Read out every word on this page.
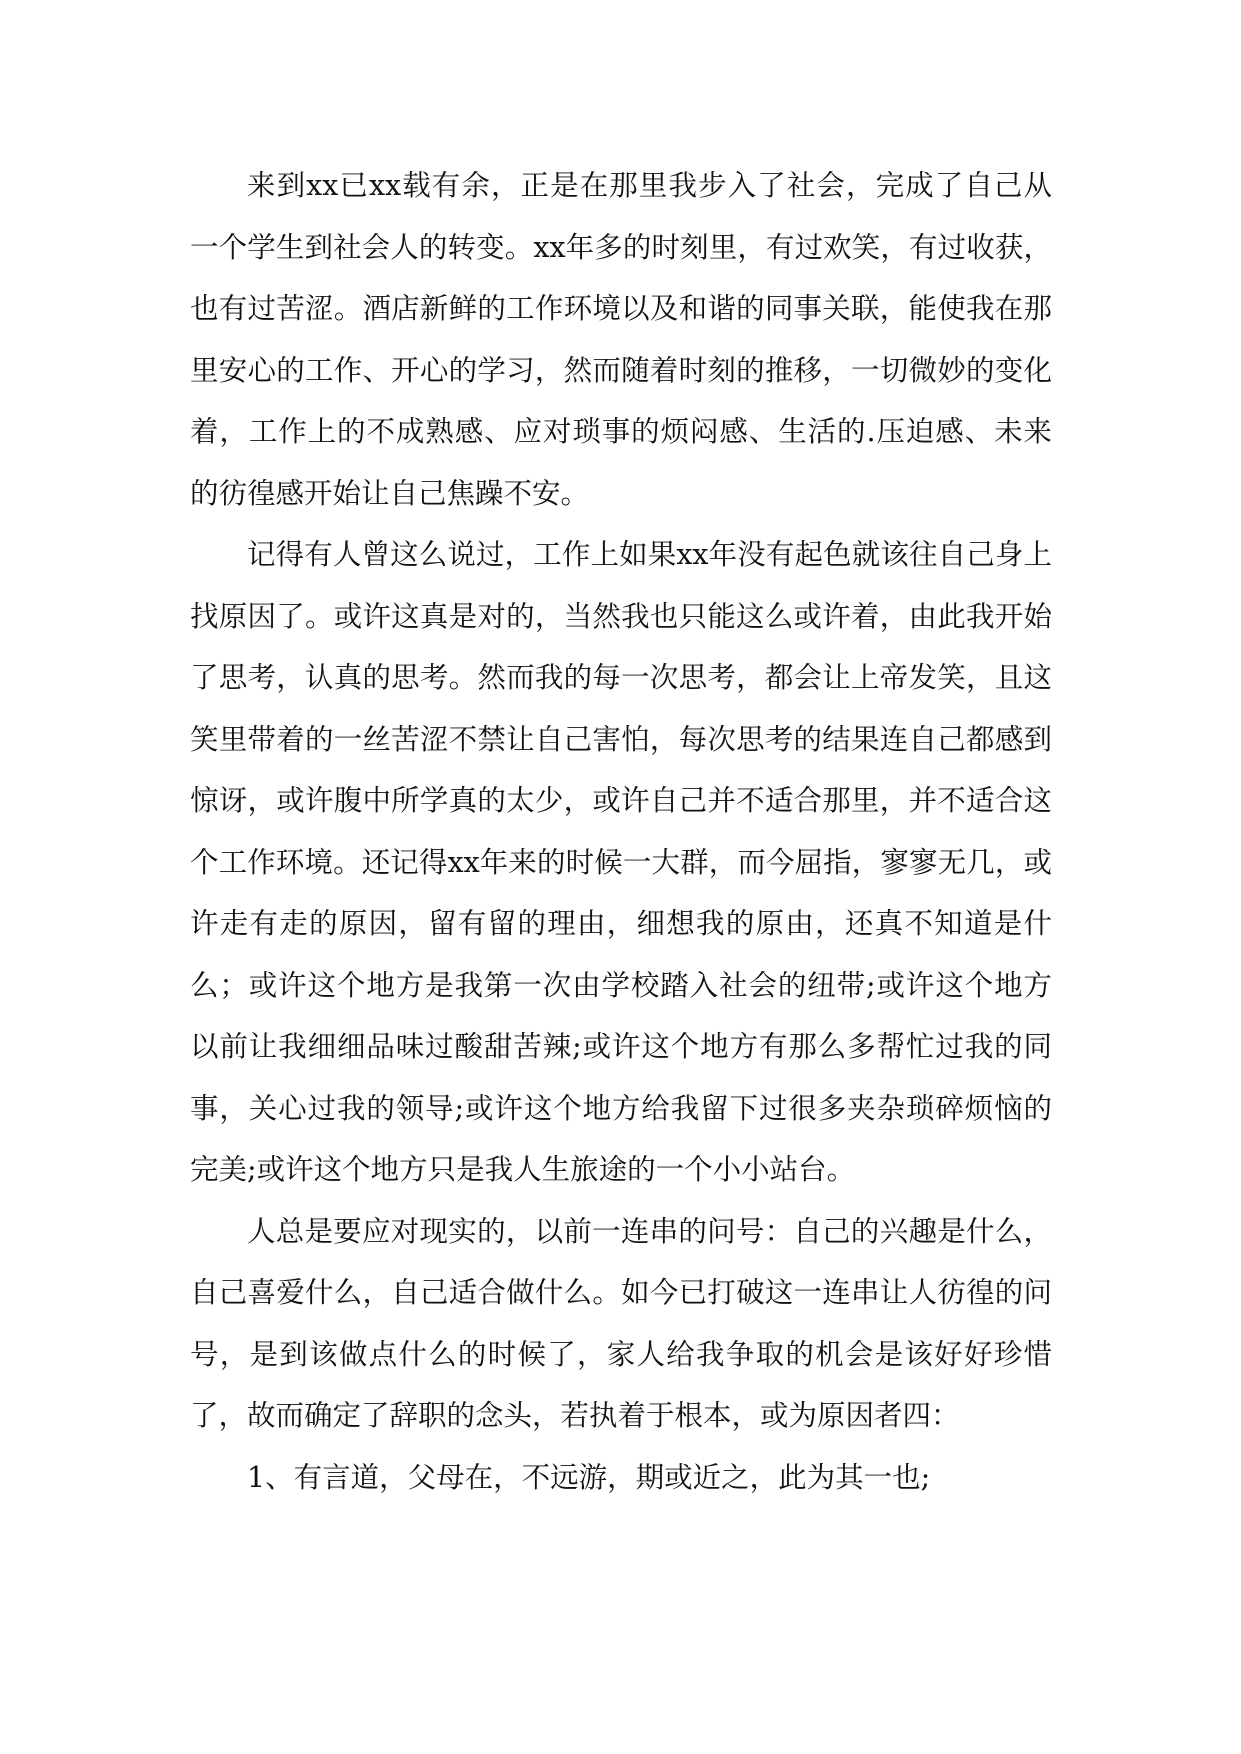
来到xx已xx载有余，正是在那里我步入了社会，完成了自己从一个学生到社会人的转变。xx年多的时刻里，有过欢笑，有过收获，也有过苦涩。酒店新鲜的工作环境以及和谐的同事关联，能使我在那里安心的工作、开心的学习，然而随着时刻的推移，一切微妙的变化着，工作上的不成熟感、应对琐事的烦闷感、生活的.压迫感、未来的彷徨感开始让自己焦躁不安。

记得有人曾这么说过，工作上如果xx年没有起色就该往自己身上找原因了。或许这真是对的，当然我也只能这么或许着，由此我开始了思考，认真的思考。然而我的每一次思考，都会让上帝发笑，且这笑里带着的一丝苦涩不禁让自己害怕，每次思考的结果连自己都感到惊讶，或许腹中所学真的太少，或许自己并不适合那里，并不适合这个工作环境。还记得xx年来的时候一大群，而今屈指，寥寥无几，或许走有走的原因，留有留的理由，细想我的原由，还真不知道是什么；或许这个地方是我第一次由学校踏入社会的纽带;或许这个地方以前让我细细品味过酸甜苦辣;或许这个地方有那么多帮忙过我的同事，关心过我的领导;或许这个地方给我留下过很多夹杂琐碎烦恼的完美;或许这个地方只是我人生旅途的一个小小站台。

人总是要应对现实的，以前一连串的问号：自己的兴趣是什么，自己喜爱什么，自己适合做什么。如今已打破这一连串让人彷徨的问号，是到该做点什么的时候了，家人给我争取的机会是该好好珍惜了，故而确定了辞职的念头，若执着于根本，或为原因者四：

1、有言道，父母在，不远游，期或近之，此为其一也;
